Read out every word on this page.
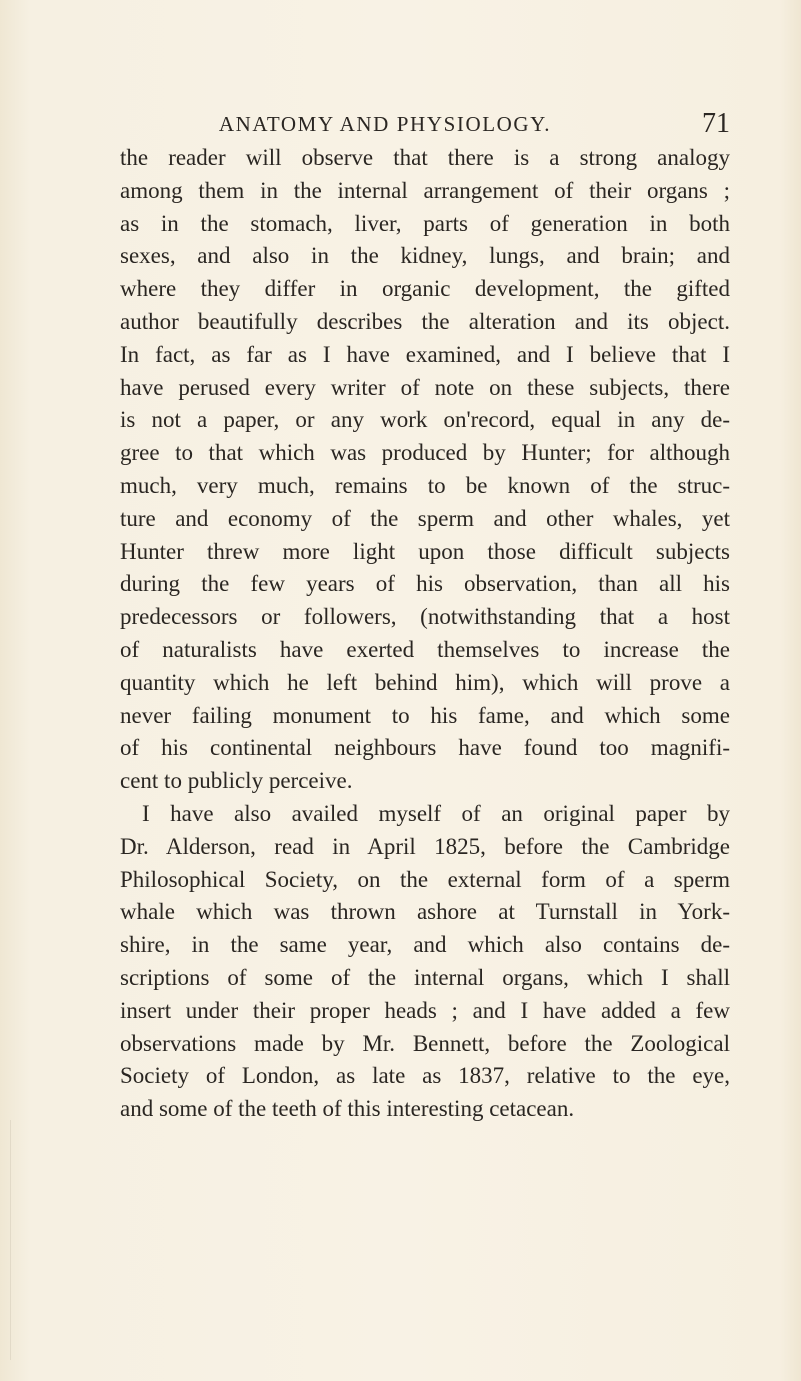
ANATOMY AND PHYSIOLOGY.	71
the reader will observe that there is a strong analogy
among them in the internal arrangement of their organs ;
as in the stomach, liver, parts of generation in both
sexes, and also in the kidney, lungs, and brain; and
where they differ in organic development, the gifted
author beautifully describes the alteration and its object.
In fact, as far as I have examined, and I believe that I
have perused every writer of note on these subjects, there
is not a paper, or any work on'record, equal in any de-
gree to that which was produced by Hunter; for although
much, very much, remains to be known of the struc-
ture and economy of the sperm and other whales, yet
Hunter threw more light upon those difficult subjects
during the few years of his observation, than all his
predecessors or followers, (notwithstanding that a host
of naturalists have exerted themselves to increase the
quantity which he left behind him), which will prove a
never failing monument to his fame, and which some
of his continental neighbours have found too magnifi-
cent to publicly perceive.
I have also availed myself of an original paper by
Dr. Alderson, read in April 1825, before the Cambridge
Philosophical Society, on the external form of a sperm
whale which was thrown ashore at Turnstall in York-
shire, in the same year, and which also contains de-
scriptions of some of the internal organs, which I shall
insert under their proper heads ; and I have added a few
observations made by Mr. Bennett, before the Zoological
Society of London, as late as 1837, relative to the eye,
and some of the teeth of this interesting cetacean.
